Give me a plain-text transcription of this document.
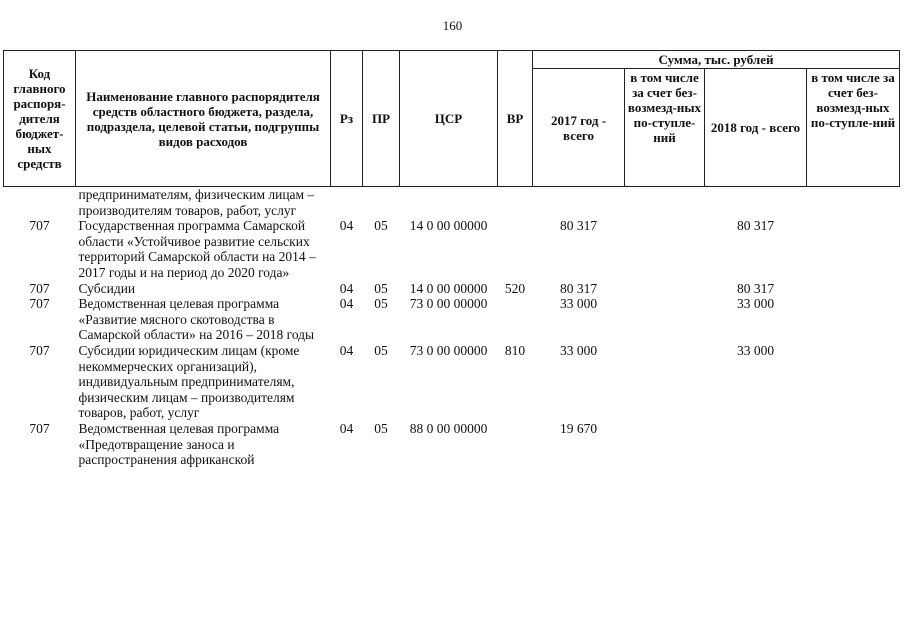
160
Код главного распоря-дителя бюджет-ных средств	Наименование главного распорядителя средств областного бюджета, раздела, подраздела, целевой статьи, подгруппы видов расходов	Рз	ПР	ЦСР	ВР	Сумма, тыс. рублей			
						2017 год - всего	в том числе за счет без-возмезд-ных по-ступле-ний	2018 год - всего	в том числе за счет без-возмезд-ных по-ступле-ний
	предпринимателям, физическим лицам – производителям товаров, работ, услуг								
707	Государственная программа Самарской области «Устойчивое развитие сельских территорий Самарской области на 2014 – 2017 годы и на период до 2020 года»	04	05	14 0 00 00000		80 317		80 317	
707	Субсидии	04	05	14 0 00 00000	520	80 317		80 317	
707	Ведомственная целевая программа «Развитие мясного скотоводства в Самарской области» на 2016 – 2018 годы	04	05	73 0 00 00000		33 000		33 000	
707	Субсидии юридическим лицам (кроме некоммерческих организаций), индивидуальным предпринимателям, физическим лицам – производителям товаров, работ, услуг	04	05	73 0 00 00000	810	33 000		33 000	
707	Ведомственная целевая программа «Предотвращение заноса и распространения африканской	04	05	88 0 00 00000		19 670			
